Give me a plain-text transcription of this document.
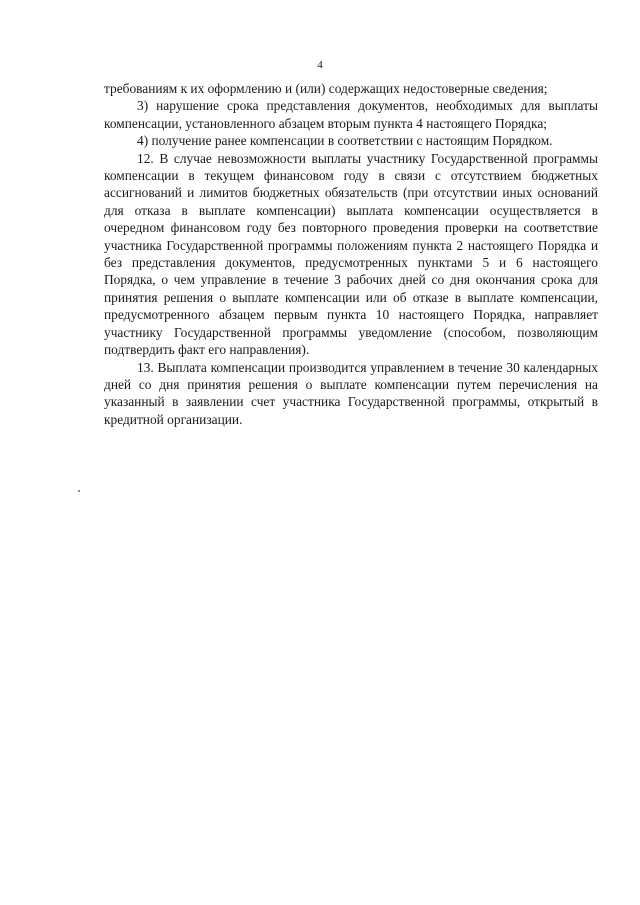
4

требованиям к их оформлению и (или) содержащих недостоверные сведения;

3) нарушение срока представления документов, необходимых для выплаты компенсации, установленного абзацем вторым пункта 4 настоящего Порядка;

4) получение ранее компенсации в соответствии с настоящим Порядком.

12. В случае невозможности выплаты участнику Государственной программы компенсации в текущем финансовом году в связи с отсутствием бюджетных ассигнований и лимитов бюджетных обязательств (при отсутствии иных оснований для отказа в выплате компенсации) выплата компенсации осуществляется в очередном финансовом году без повторного проведения проверки на соответствие участника Государственной программы положениям пункта 2 настоящего Порядка и без представления документов, предусмотренных пунктами 5 и 6 настоящего Порядка, о чем управление в течение 3 рабочих дней со дня окончания срока для принятия решения о выплате компенсации или об отказе в выплате компенсации, предусмотренного абзацем первым пункта 10 настоящего Порядка, направляет участнику Государственной программы уведомление (способом, позволяющим подтвердить факт его направления).

13. Выплата компенсации производится управлением в течение 30 календарных дней со дня принятия решения о выплате компенсации путем перечисления на указанный в заявлении счет участника Государственной программы, открытый в кредитной организации.
